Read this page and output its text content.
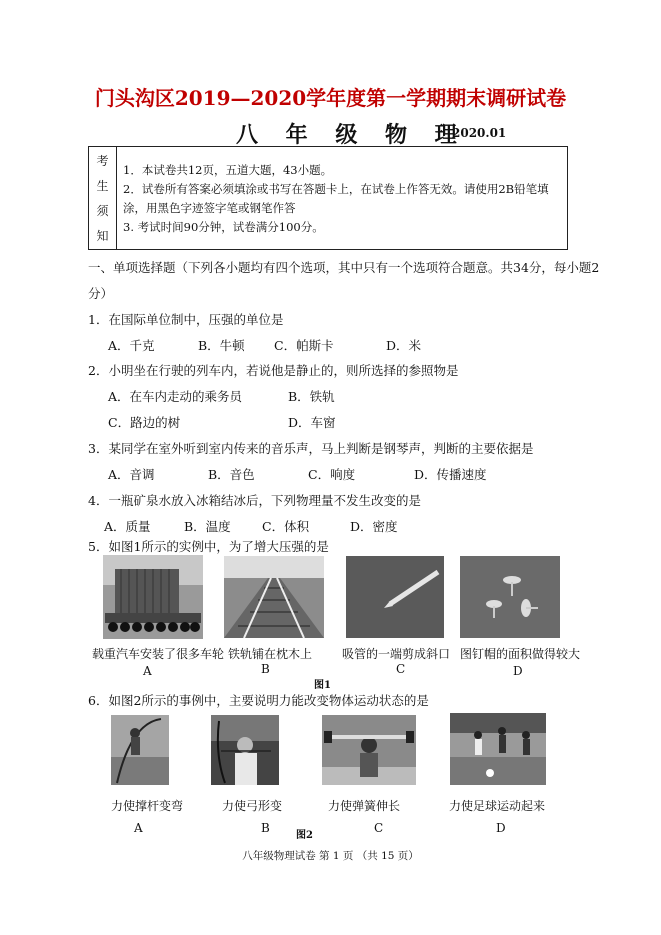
门头沟区2019—2020学年度第一学期期末调研试卷
八 年 级 物 理
2020.01
考
生
须
知
1．本试卷共12页，五道大题，43小题。
2．试卷所有答案必须填涂或书写在答题卡上，在试卷上作答无效。请使用2B铅笔填
涂，用黑色字迹签字笔或钢笔作答
3. 考试时间90分钟，试卷满分100分。
一、单项选择题（下列各小题均有四个选项，其中只有一个选项符合题意。共34分，每小题2
分）
1．在国际单位制中，压强的单位是
A．千克	B．牛顿 C．帕斯卡	D．米
2．小明坐在行驶的列车内，若说他是静止的，则所选择的参照物是
A．在车内走动的乘务员	B．铁轨
C．路边的树	D．车窗
3．某同学在室外听到室内传来的音乐声，马上判断是钢琴声，判断的主要依据是
A．音调	B．音色	C．响度	D．传播速度
4．一瓶矿泉水放入冰箱结冰后，下列物理量不发生改变的是
A．质量	B．温度	C．体积	D．密度
5．如图1所示的实例中，为了增大压强的是
载重汽车安装了很多车轮 铁轨铺在枕木上 吸管的一端剪成斜口 图钉帽的面积做得较大
A	B	C	D
图1
6．如图2所示的事例中，主要说明力能改变物体运动状态的是
力使撑杆变弯	力使弓形变	力使弹簧伸长	力使足球运动起来
A	B	C	D
图2
八年级物理试卷 第 1 页 （共 15 页）
